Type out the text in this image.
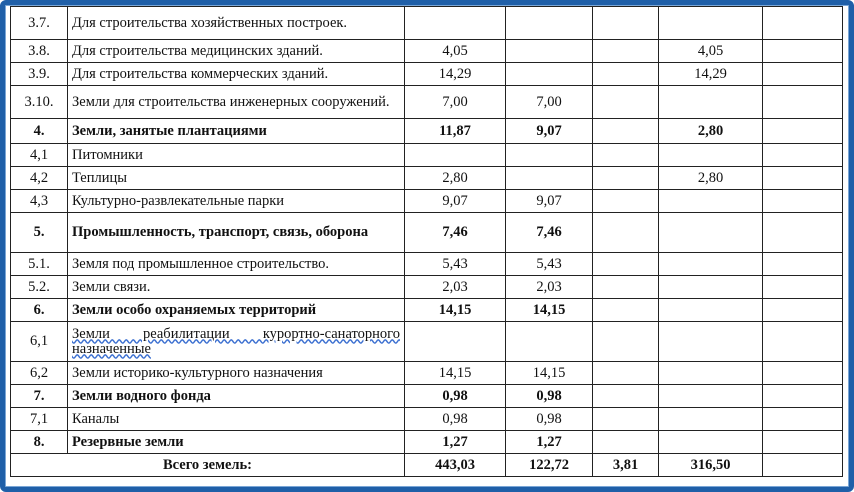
3.7.	Для строительства хозяйственных построек.					
3.8.	Для строительства медицинских зданий.	4,05			4,05	
3.9.	Для строительства коммерческих зданий.	14,29			14,29	
3.10.	Земли для строительства инженерных сооружений.	7,00	7,00			
4.	Земли, занятые плантациями	11,87	9,07		2,80	
4,1	Питомники					
4,2	Теплицы	2,80			2,80	
4,3	Культурно-развлекательные парки	9,07	9,07			
5.	Промышленность, транспорт, связь, оборона	7,46	7,46			
5.1.	Земля под промышленное строительство.	5,43	5,43			
5.2.	Земли связи.	2,03	2,03			
6.	Земли особо охраняемых территорий	14,15	14,15			
6,1	Земли реабилитации курортно-санаторного назначенные					
6,2	Земли историко-культурного назначения	14,15	14,15			
7.	Земли водного фонда	0,98	0,98			
7,1	Каналы	0,98	0,98			
8.	Резервные земли	1,27	1,27			
Всего земель:		443,03	122,72	3,81	316,50	
